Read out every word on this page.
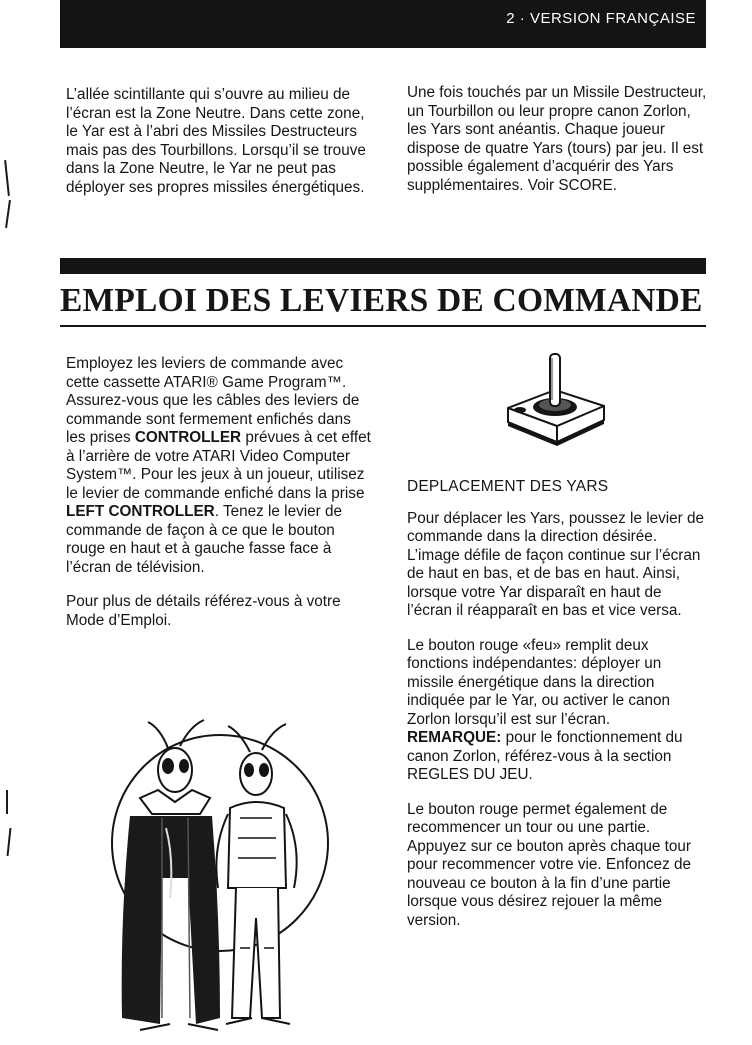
2 · VERSION FRANÇAISE

L’allée scintillante qui s’ouvre au milieu de l’écran est la Zone Neutre. Dans cette zone, le Yar est à l’abri des Missiles Destructeurs mais pas des Tourbillons. Lorsqu’il se trouve dans la Zone Neutre, le Yar ne peut pas déployer ses propres missiles énergétiques.

Une fois touchés par un Missile Destructeur, un Tourbillon ou leur propre canon Zorlon, les Yars sont anéantis. Chaque joueur dispose de quatre Yars (tours) par jeu. Il est possible également d’acquérir des Yars supplémentaires. Voir SCORE.

EMPLOI DES LEVIERS DE COMMANDE

Employez les leviers de commande avec cette cassette ATARI® Game Program™. Assurez-vous que les câbles des leviers de commande sont fermement enfichés dans les prises CONTROLLER prévues à cet effet à l’arrière de votre ATARI Video Computer System™. Pour les jeux à un joueur, utilisez le levier de commande enfiché dans la prise LEFT CONTROLLER. Tenez le levier de commande de façon à ce que le bouton rouge en haut et à gauche fasse face à l’écran de télévision.

Pour plus de détails référez-vous à votre Mode d’Emploi.

DEPLACEMENT DES YARS

Pour déplacer les Yars, poussez le levier de commande dans la direction désirée. L’image défile de façon continue sur l’écran de haut en bas, et de bas en haut. Ainsi, lorsque votre Yar disparaît en haut de l’écran il réapparaît en bas et vice versa.

Le bouton rouge «feu» remplit deux fonctions indépendantes: déployer un missile énergétique dans la direction indiquée par le Yar, ou activer le canon Zorlon lorsqu’il est sur l’écran. REMARQUE: pour le fonctionnement du canon Zorlon, référez-vous à la section REGLES DU JEU.

Le bouton rouge permet également de recommencer un tour ou une partie. Appuyez sur ce bouton après chaque tour pour recommencer votre vie. Enfoncez de nouveau ce bouton à la fin d’une partie lorsque vous désirez rejouer la même version.
